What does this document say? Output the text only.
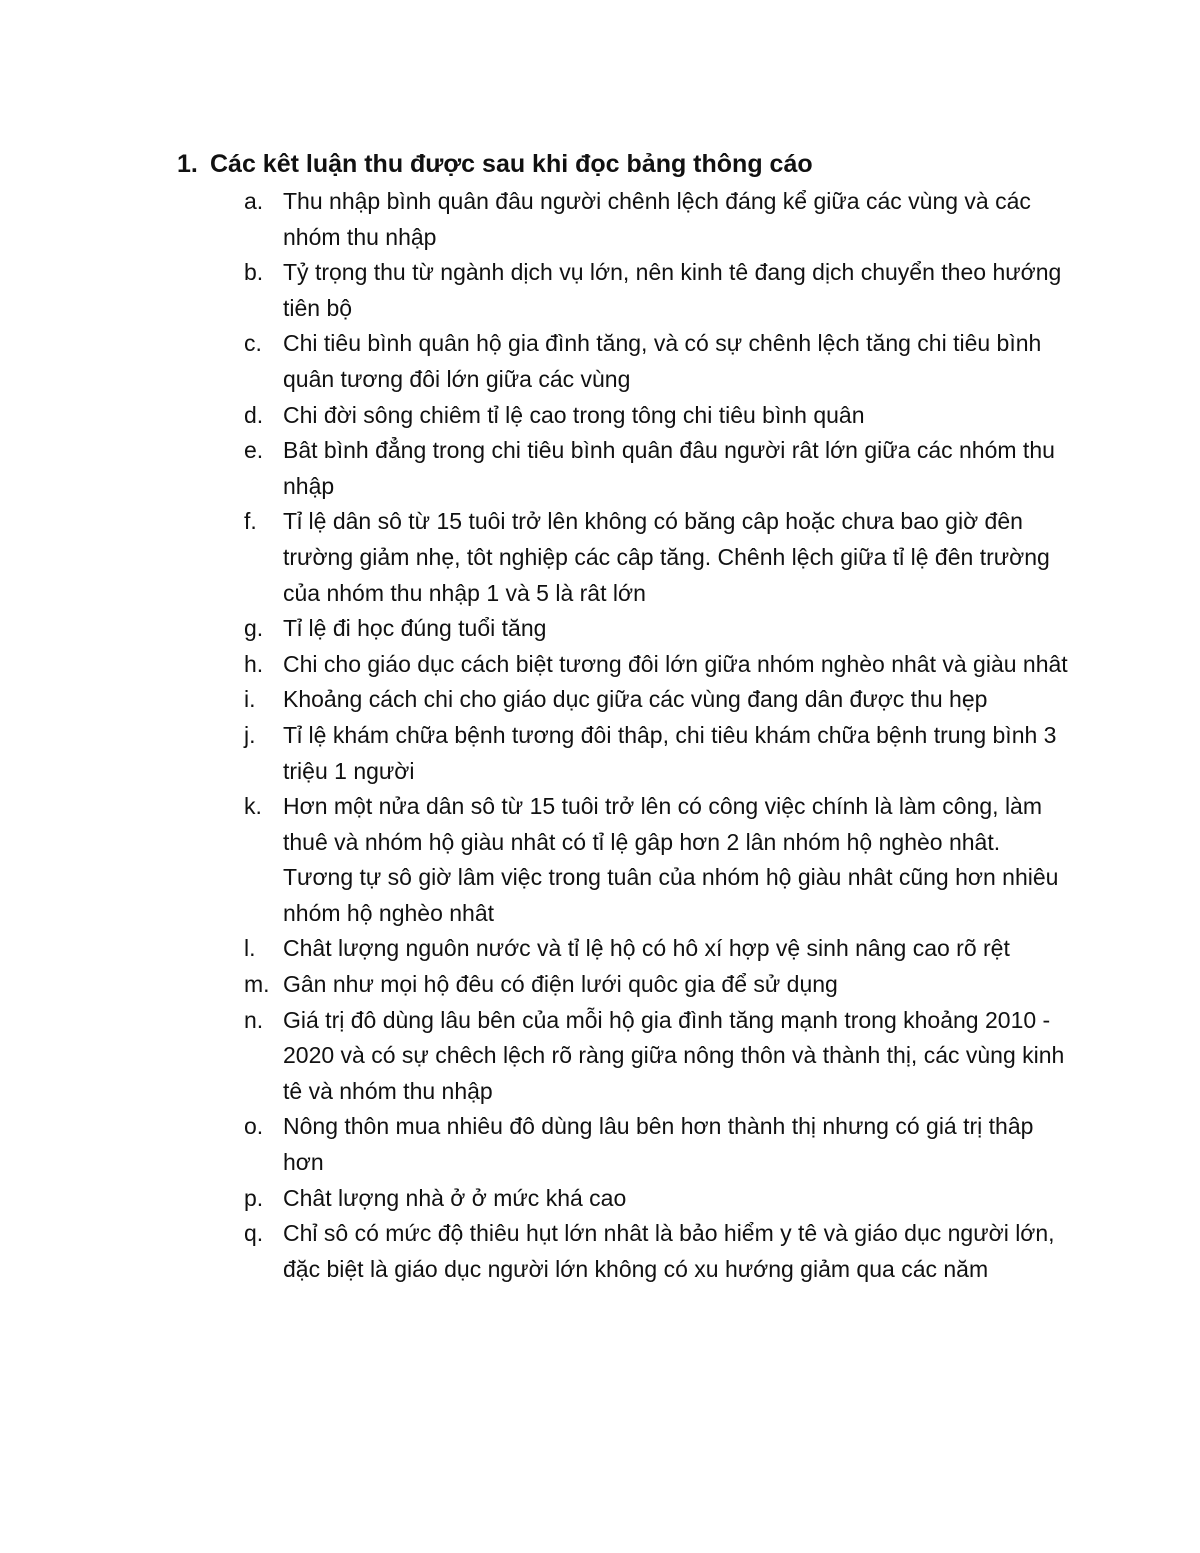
1. Các kêt luận thu được sau khi đọc bảng thông cáo
a. Thu nhập bình quân đâu người chênh lệch đáng kể giữa các vùng và các nhóm thu nhập
b. Tỷ trọng thu từ ngành dịch vụ lớn, nên kinh tê đang dịch chuyển theo hướng tiên bộ
c. Chi tiêu bình quân hộ gia đình tăng, và có sự chênh lệch tăng chi tiêu bình quân tương đôi lớn giữa các vùng
d. Chi đời sông chiêm tỉ lệ cao trong tông chi tiêu bình quân
e. Bât bình đẳng trong chi tiêu bình quân đâu người rât lớn giữa các nhóm thu nhập
f.	Tỉ lệ dân sô từ 15 tuôi trở lên không có băng câp hoặc chưa bao giờ đên trường giảm nhẹ, tôt nghiệp các câp tăng. Chênh lệch giữa tỉ lệ đên trường của nhóm thu nhập 1 và 5 là rât lớn
g. Tỉ lệ đi học đúng tuổi tăng
h. Chi cho giáo dục cách biệt tương đôi lớn giữa nhóm nghèo nhât và giàu nhât
i.	Khoảng cách chi cho giáo dục giữa các vùng đang dân được thu hẹp
j.	Tỉ lệ khám chữa bệnh tương đôi thâp, chi tiêu khám chữa bệnh trung bình 3 triệu 1 người
k. Hơn một nửa dân sô từ 15 tuôi trở lên có công việc chính là làm công, làm thuê và nhóm hộ giàu nhât có tỉ lệ gâp hơn 2 lân nhóm hộ nghèo nhât. Tương tự sô giờ lâm việc trong tuân của nhóm hộ giàu nhât cũng hơn nhiêu nhóm hộ nghèo nhât
l.	Chât lượng nguôn nước và tỉ lệ hộ có hô xí hợp vệ sinh nâng cao rõ rệt
m. Gân như mọi hộ đêu có điện lưới quôc gia để sử dụng
n. Giá trị đô dùng lâu bên của mỗi hộ gia đình tăng mạnh trong khoảng 2010 - 2020 và có sự chêch lệch rõ ràng giữa nông thôn và thành thị, các vùng kinh tê và nhóm thu nhập
o. Nông thôn mua nhiêu đô dùng lâu bên hơn thành thị nhưng có giá trị thâp hơn
p. Chât lượng nhà ở ở mức khá cao
q. Chỉ sô có mức độ thiêu hụt lớn nhât là bảo hiểm y tê và giáo dục người lớn, đặc biệt là giáo dục người lớn không có xu hướng giảm qua các năm
